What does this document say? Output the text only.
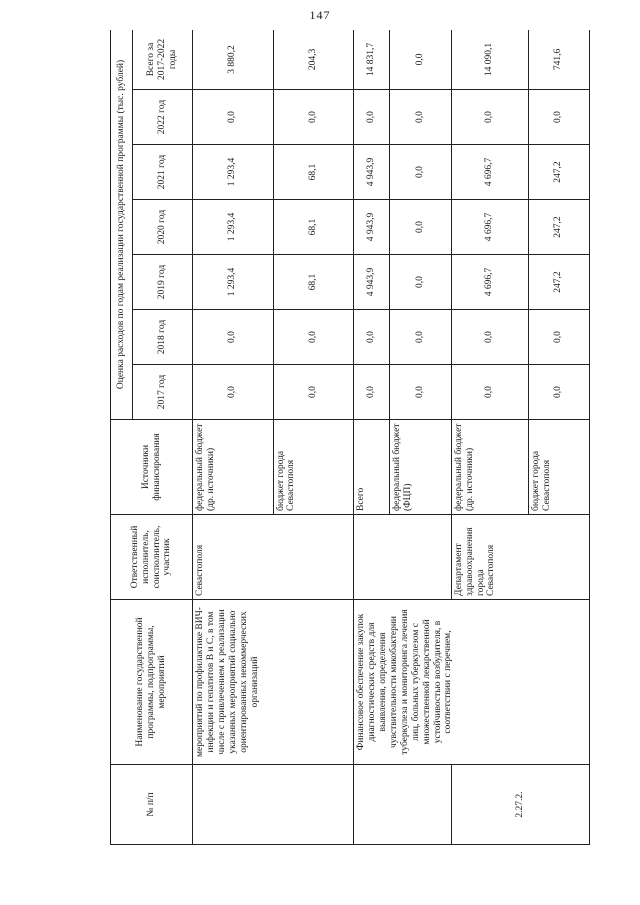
147
№ п/п	Наименование государственной программы, подпрограммы, мероприятий	Ответственный исполнитель, соисполнитель, участник	Источники финансирования	Оценка расходов по годам реализации государственной программы (тыс. рублей)						
				2017 год	2018 год	2019 год	2020 год	2021 год	2022 год	Всего за 2017-2022 годы
	мероприятий по профилактике ВИЧ-инфекции и гепатитов В и С, в том числе с привлечением к реализации указанных мероприятий социально ориентированных некоммерческих организаций	Севастополя	федеральный бюджет (др. источники)	0,0	0,0	1 293,4	1 293,4	1 293,4	0,0	3 880,2
			бюджет города Севастополя	0,0	0,0	68,1	68,1	68,1	0,0	204,3
	Финансовое обеспечение закупок диагностических средств для выявления, определения чувствительности микобактерии туберкулеза и мониторинга лечения лиц, больных туберкулезом с множественной лекарственной устойчивостью возбудителя, в соответствии с перечнем,		Всего	0,0	0,0	4 943,9	4 943,9	4 943,9	0,0	14 831,7
			федеральный бюджет (ФЦП)	0,0	0,0	0,0	0,0	0,0	0,0	0,0
2.27.2.		Департамент здравоохранения города Севастополя	федеральный бюджет (др. источники)	0,0	0,0	4 696,7	4 696,7	4 696,7	0,0	14 090,1
			бюджет города Севастополя	0,0	0,0	247,2	247,2	247,2	0,0	741,6
